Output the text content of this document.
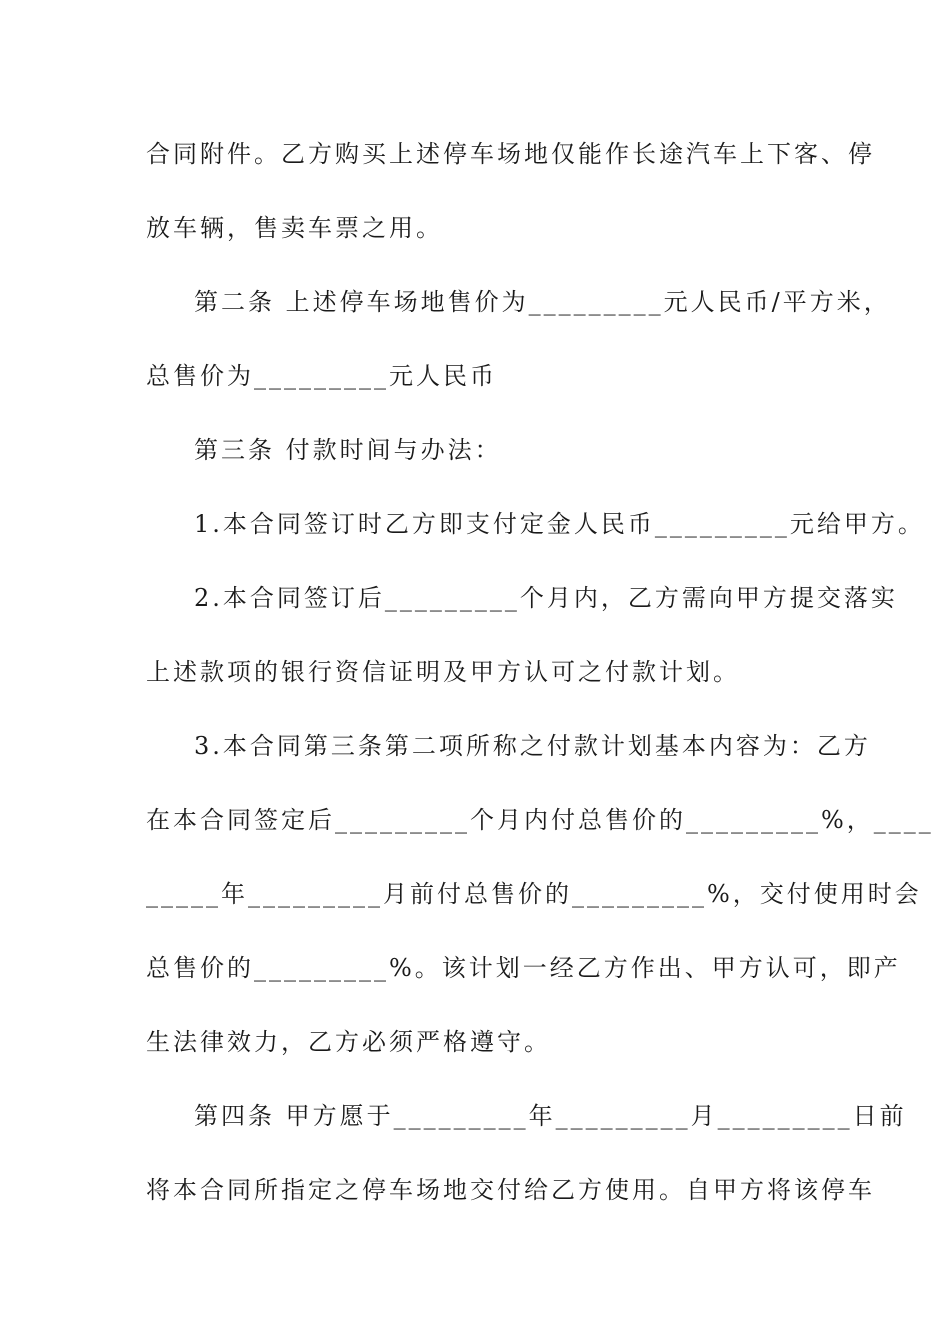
合同附件。乙方购买上述停车场地仅能作长途汽车上下客、停
放车辆，售卖车票之用。
第二条 上述停车场地售价为_________元人民币/平方米，
总售价为_________元人民币
第三条 付款时间与办法：
1.本合同签订时乙方即支付定金人民币_________元给甲方。
2.本合同签订后_________个月内，乙方需向甲方提交落实
上述款项的银行资信证明及甲方认可之付款计划。
3.本合同第三条第二项所称之付款计划基本内容为：乙方
在本合同签定后_________个月内付总售价的_________%，____
_____年_________月前付总售价的_________%，交付使用时会
总售价的_________%。该计划一经乙方作出、甲方认可，即产
生法律效力，乙方必须严格遵守。
第四条 甲方愿于_________年_________月_________日前
将本合同所指定之停车场地交付给乙方使用。自甲方将该停车
